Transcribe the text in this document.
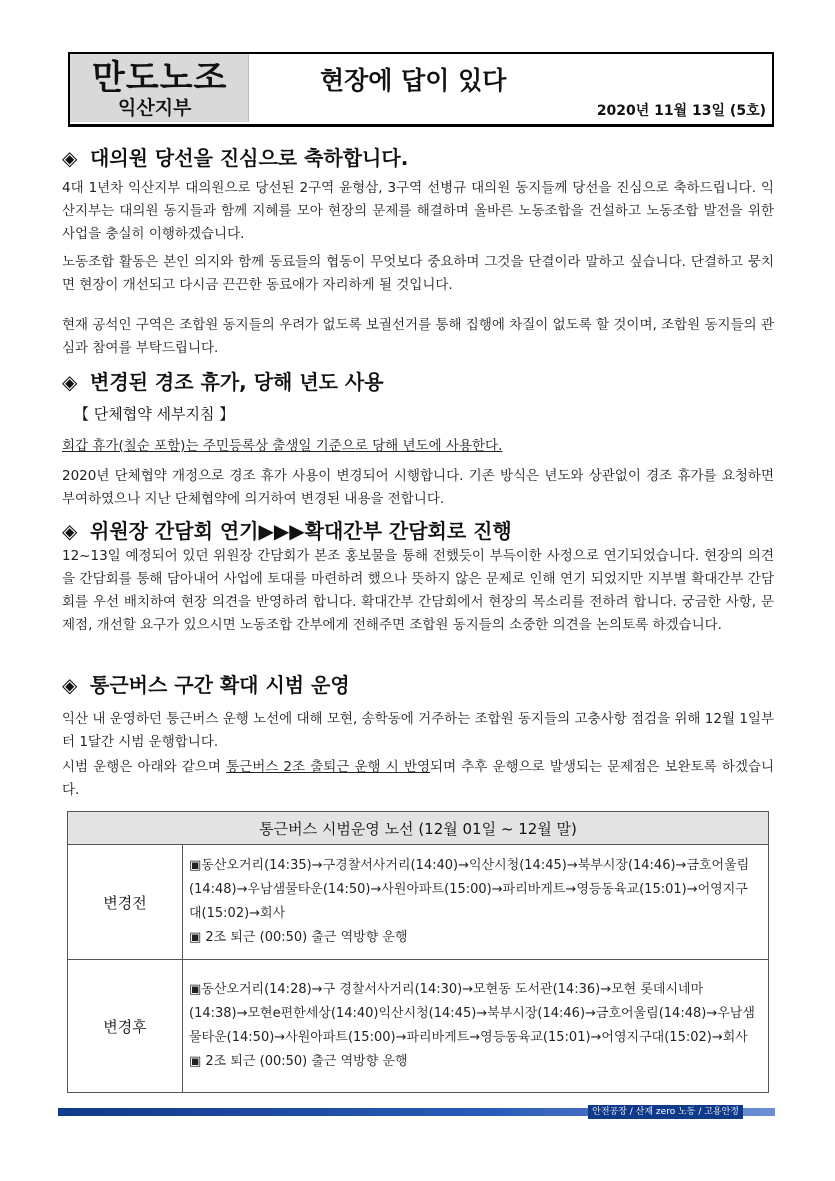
만도노조
익산지부
현장에 답이 있다
2020년 11월 13일 (5호)
◈ 대의원 당선을 진심으로 축하합니다.
4대 1년차 익산지부 대의원으로 당선된 2구역 윤형삼, 3구역 선병규 대의원 동지들께 당선을 진심으로 축하드립니다. 익산지부는 대의원 동지들과 함께 지혜를 모아 현장의 문제를 해결하며 올바른 노동조합을 건설하고 노동조합 발전을 위한 사업을 충실히 이행하겠습니다.
노동조합 활동은 본인 의지와 함께 동료들의 협동이 무엇보다 중요하며 그것을 단결이라 말하고 싶습니다. 단결하고 뭉치면 현장이 개선되고 다시금 끈끈한 동료애가 자리하게 될 것입니다.
현재 공석인 구역은 조합원 동지들의 우려가 없도록 보궐선거를 통해 집행에 차질이 없도록 할 것이며, 조합원 동지들의 관심과 참여를 부탁드립니다.
◈ 변경된 경조 휴가, 당해 년도 사용
【 단체협약 세부지침 】
회갑 휴가(칠순 포함)는 주민등록상 출생일 기준으로 당해 년도에 사용한다.
2020년 단체협약 개정으로 경조 휴가 사용이 변경되어 시행합니다. 기존 방식은 년도와 상관없이 경조 휴가를 요청하면 부여하였으나 지난 단체협약에 의거하여 변경된 내용을 전합니다.
◈ 위원장 간담회 연기▶▶▶확대간부 간담회로 진행
12~13일 예정되어 있던 위원장 간담회가 본조 홍보물을 통해 전했듯이 부득이한 사정으로 연기되었습니다. 현장의 의견을 간담회를 통해 담아내어 사업에 토대를 마련하려 했으나 뜻하지 않은 문제로 인해 연기 되었지만 지부별 확대간부 간담회를 우선 배치하여 현장 의견을 반영하려 합니다. 확대간부 간담회에서 현장의 목소리를 전하려 합니다. 궁금한 사항, 문제점, 개선할 요구가 있으시면 노동조합 간부에게 전해주면 조합원 동지들의 소중한 의견을 논의토록 하겠습니다.
◈ 통근버스 구간 확대 시범 운영
익산 내 운영하던 통근버스 운행 노선에 대해 모현, 송학동에 거주하는 조합원 동지들의 고충사항 점검을 위해 12월 1일부터 1달간 시범 운행합니다.
시범 운행은 아래와 같으며 통근버스 2조 출퇴근 운행 시 반영되며 추후 운행으로 발생되는 문제점은 보완토록 하겠습니다.
통근버스 시범운영 노선 (12월 01일 ~ 12월 말)	
변경전	▣동산오거리(14:35)→구경찰서사거리(14:40)→익산시청(14:45)→북부시장(14:46)→금호어울림(14:48)→우남샘물타운(14:50)→사원아파트(15:00)→파리바게트→영등동육교(15:01)→어영지구대(15:02)→회사
▣ 2조 퇴근 (00:50) 출근 역방향 운행

변경후	▣동산오거리(14:28)→구 경찰서사거리(14:30)→모현동 도서관(14:36)→모현 롯데시네마(14:38)→모현e편한세상(14:40)익산시청(14:45)→북부시장(14:46)→금호어울림(14:48)→우남샘물타운(14:50)→사원아파트(15:00)→파리바게트→영등동육교(15:01)→어영지구대(15:02)→회사
▣ 2조 퇴근 (00:50) 출근 역방향 운행
안전공장 / 산재 zero 노동 / 고용안정
